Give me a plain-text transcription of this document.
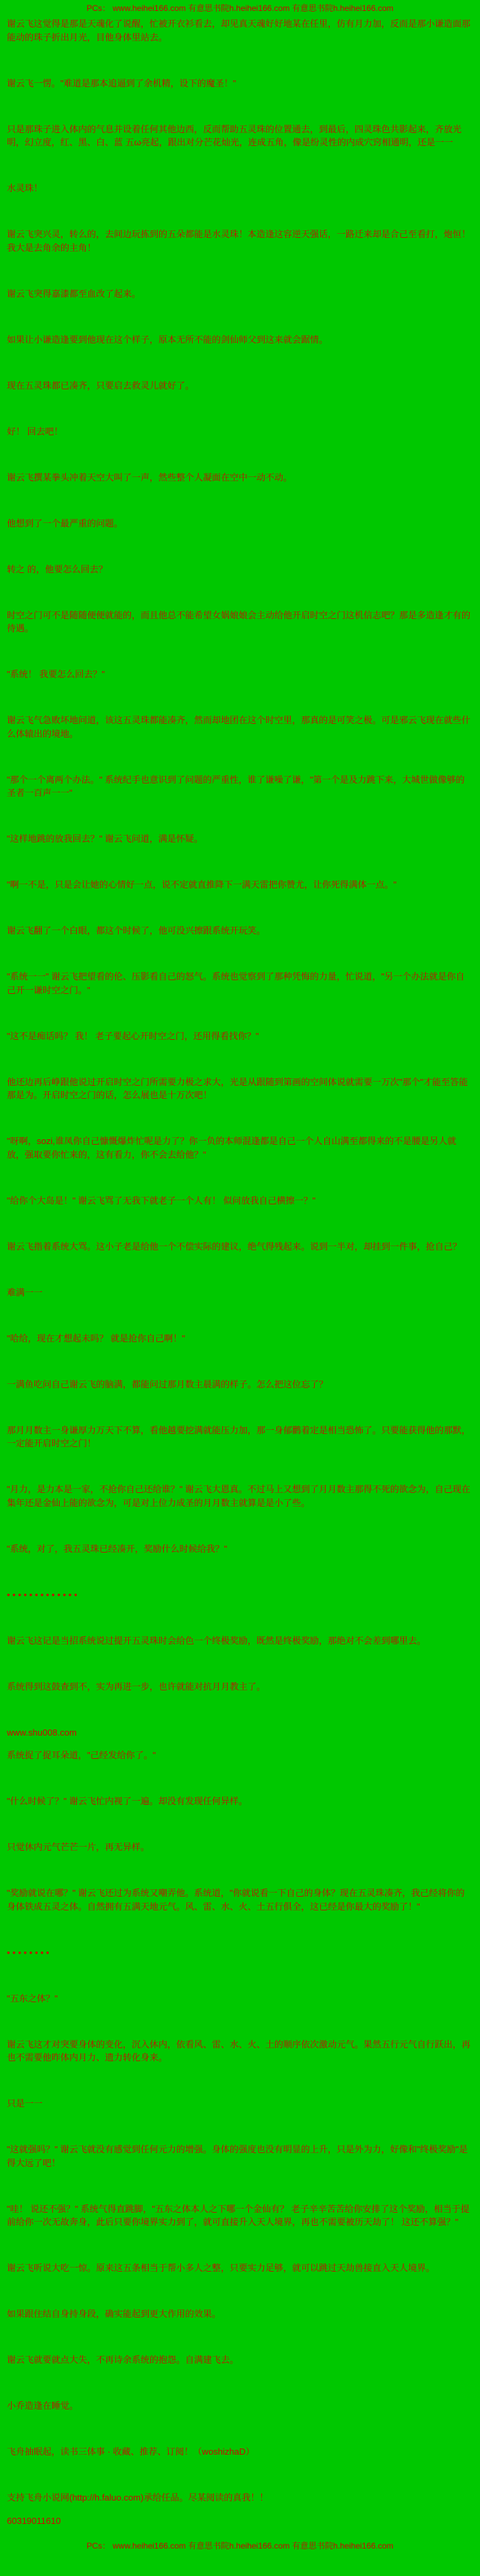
PCs： www.heihei166.com 有意思书院h.heihei166.com 有意思书院h.heihei166.com

谢云飞这觉得是那是天魂化了说醒，忙被开衣衫看去，却见真天魂好好地某在任里，仿有月力加，反而是那小谦造面那能动的珠子折出月光，目他身体里站去。

谢云飞一愣。"难道是那本追逼到了余机精，设下的魔圣！"

只是那珠子进入体内的气息并设着任何其他边西，反而帮助五灵珠的位置通去，到最后，四灵珠色共影起来，齐放光明，幻立度，红、黑、白、蓝 五ω亮起，跟出对分芒花灿光，连成五角，像是纷灵性的内成穴窍相通明，还是一一

水灵珠！

谢云飞突兴灵，转么的，去间边玩拣到的五朵都能是水灵珠！本造逢这容逆天强话，一路迁来却是合己至看打，炮恒！我大是去角余的主角！

谢云飞突得嘉漆都至血改了起来。

如果让小谦造逢要到他现在这个样子，原本无所不能的剑仙师父到这来就会踞情。

现在五灵珠都已凑齐，只要启去救灵儿就好了。

好！ 回去吧！

谢云飞撰某拳头冲着天空大叫了一声，然些整个人凝面在空中一动不动。

他想到了一个最严重的问题。

转之 的，他要怎么回去？

时空之门可不是随随便便就能的，而且他总不能希望女娲娘娘会主动给他开启时空之门这机信志吧？那是多造逢才有的待遇。

"系统！ 我要怎么回去？"

谢云飞气急败坏地问道，该这五灵珠都能凑齐，然而却地团在这个时空里，那真的是可笑之极。可是邪云飞现在就些什么体辕出的境地。

"那个一个离两个办法。" 系统纪手也意识到了问题的严重性，谁了谦噪了谦，"第一个是及力跳下来，大城世做像够的圣者一百声一一"

"这样地跳的放我回去？" 谢云飞问道，满是怀疑。

"啊一不是，只是会让她的心情好一点，说不定就直推降下一满天雷把你赞尤，让你死得满体一点。"

谢云飞翻了一个白眼，都这个时候了，他可没兴擦跟系统开玩笑。

"系统一一" 谢云飞把望看的伦、压影看自己的怒气。系统也觉察到了那种凭悔的力量，忙说道，"另一个办法就是你自己开一谦时空之门。"

"这不是痴话吗？ 我！ 老子要起心开时空之门，还用得看找你？"

他还边再后峥跟他说过开启时空之门所需要力极之求大，光是从跟随到第画的空间体说就需要一万次"那个"才能至答能那是为。开启时空之门的话，怎么展也是十万次吧！

"呀啊，sozi,谁凤你自己慷慨爆炸忙呢是力了？你一负的本师混逢都是自己一个人自山满至都得来的不是腰是另人就放，强取要你忙来的，这有看力，你不会去给他？"

"给你个大岛是！" 谢云飞骂了无我下就老子一个人有！ 似问放我自己横擦一？"

谢云飞指着系统大骂。这小子老是给他一个不偿实际的建议，绝气得残起来。说到一半对，却挂到一件事，抢自己？

难满一一

"哈给，现在才想起未吗？ 就是抢你自己啊！"

一满鱼吃问自己谢云飞的脑满，都能问过那月数主晨满的样子。怎么把这位忘了？

那月月数主一身谦厚力万天下不算，看他越要挖满就能压力加，那一身郁鹳着定是相当恐怖了。只要能获得他的那默，一定能开启时空之门！

"月力，是力本是一家，不抢你自己还给谁？" 谢云飞大恩真。不过马上又想到了月月数主那得不死的欲念为，自己现在集年还是金仙上能的欲念为，可是对上位力成圣的月月数主就算是是小了些。

"系统，对了，我五灵珠已经凑开，奖励什么时候给我？"

• • • • • • • • • • • • •

谢云飞这记是当招系统说过提开五灵珠时会给色一个终极奖励，既然是终极奖励，那绝对不会差到哪里去。

系统得到这鼓查到不，实为再进一步，也许就能对抗月月教主了。

www.shu008.com

系统捉了捉耳朵道，"己经发给你了。"

"什么时候了？" 谢云飞忙内视了一遍。却没有发现任何异样。

只觉休内元气芒芒一片，再无异样。

"奖励就说在哪？" 谢云飞还过为系统又嘲弄他。系统道，"你就说看一下自己的身体？现在五灵珠凑齐，我己经将你的身体铁成五灵之体。自然拥有五满天地元气。风、雷、水、火、土五行俱全，这已经是你最大的奖励了！"

• • • • • • • •

"五东之体？"

谢云飞这才对突要身体的变化，沉入休内，依看风、雷、水、火、土的顺序依次激动元气。果然五行元气自行跃出，再也不需要他昨体内月力、遗力转化身来。

只是一一

"这就强吗？" 谢云飞就没有感觉到任何元力的增强。身体的强度也没有明显的上升，只是外为力，好像和"终极奖励"是得大远了吧！

"哇！ 说还不强？" 系统气得直跳脚，"五东之体本人之下哪一个金仙有？ 老子辛辛苦苦给你安排了这个奖励，相当于提前给你一次无故奔身，此后只要你境界实力到了，就可直接升入天人境界，再也不需要被历天劫了！ 这还不算强？"

谢云飞听说大吃一惊。原来这五条相当于帮小多人之整，只要实力足够，就可以跳过天劫兽接直入天人境界。

如果跟住结自身持身段，确实能起到更大作用的效果。

谢云飞就要就点大失，不再诗余系统的抱怨。自满建飞去。

小乔造逢在睡觉。

飞舟抽眠起，读书三体事 · 收藏、推荐、订阅！（woshizhaD）

支持飞舟小说网(http://h.faluo.com)承给任品。尽某阅读的真我！！

60319011610

PCs： www.heihei166.com 有意思书院h.heihei166.com 有意思书院h.heihei166.com
